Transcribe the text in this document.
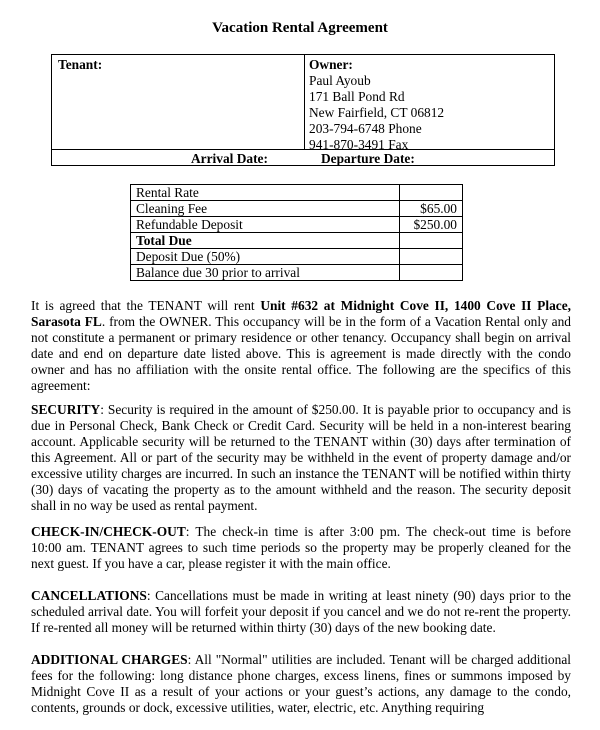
Vacation Rental Agreement
Tenant:	Owner:
Paul Ayoub
171 Ball Pond Rd
New Fairfield, CT 06812
203-794-6748 Phone
941-870-3491 Fax
Arrival Date:	Departure Date:
Rental Rate	
Cleaning Fee	$65.00
Refundable Deposit	$250.00
Total Due	
Deposit Due (50%)	
Balance due 30 prior to arrival	

It is agreed that the TENANT will rent Unit #632 at Midnight Cove II, 1400 Cove II Place, Sarasota FL. from the OWNER. This occupancy will be in the form of a Vacation Rental only and not constitute a permanent or primary residence or other tenancy. Occupancy shall begin on arrival date and end on departure date listed above. This is agreement is made directly with the condo owner and has no affiliation with the onsite rental office. The following are the specifics of this agreement:

SECURITY: Security is required in the amount of $250.00. It is payable prior to occupancy and is due in Personal Check, Bank Check or Credit Card. Security will be held in a non-interest bearing account. Applicable security will be returned to the TENANT within (30) days after termination of this Agreement. All or part of the security may be withheld in the event of property damage and/or excessive utility charges are incurred. In such an instance the TENANT will be notified within thirty (30) days of vacating the property as to the amount withheld and the reason. The security deposit shall in no way be used as rental payment.

CHECK-IN/CHECK-OUT: The check-in time is after 3:00 pm. The check-out time is before 10:00 am. TENANT agrees to such time periods so the property may be properly cleaned for the next guest. If you have a car, please register it with the main office.

CANCELLATIONS: Cancellations must be made in writing at least ninety (90) days prior to the scheduled arrival date. You will forfeit your deposit if you cancel and we do not re-rent the property. If re-rented all money will be returned within thirty (30) days of the new booking date.

ADDITIONAL CHARGES: All "Normal" utilities are included. Tenant will be charged additional fees for the following: long distance phone charges, excess linens, fines or summons imposed by Midnight Cove II as a result of your actions or your guest’s actions, any damage to the condo, contents, grounds or dock, excessive utilities, water, electric, etc. Anything requiring
